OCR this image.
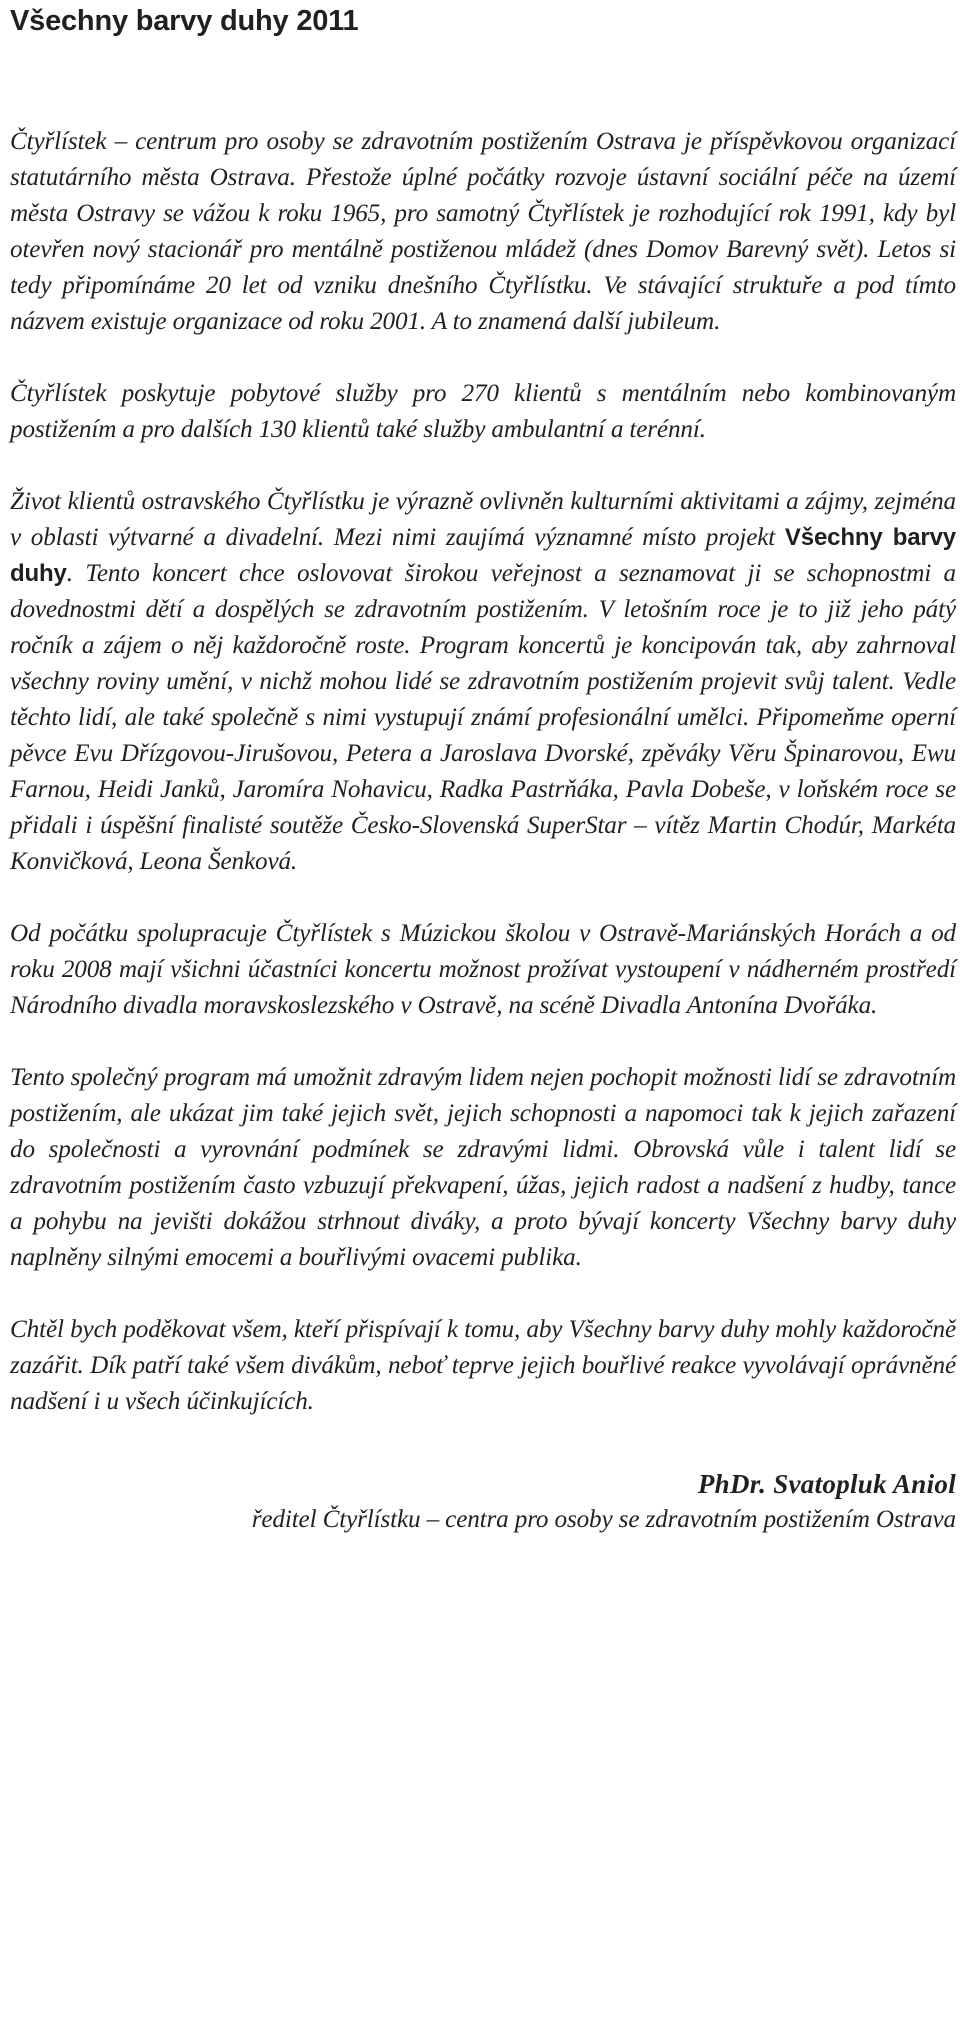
Všechny barvy duhy 2011

Čtyřlístek – centrum pro osoby se zdravotním postižením Ostrava je příspěvkovou organizací statutárního města Ostrava. Přestože úplné počátky rozvoje ústavní sociální péče na území města Ostravy se vážou k roku 1965, pro samotný Čtyřlístek je rozhodující rok 1991, kdy byl otevřen nový stacionář pro mentálně postiženou mládež (dnes Domov Barevný svět). Letos si tedy připomínáme 20 let od vzniku dnešního Čtyřlístku. Ve stávající struktuře a pod tímto názvem existuje organizace od roku 2001. A to znamená další jubileum.

Čtyřlístek poskytuje pobytové služby pro 270 klientů s mentálním nebo kombinovaným postižením a pro dalších 130 klientů také služby ambulantní a terénní.

Život klientů ostravského Čtyřlístku je výrazně ovlivněn kulturními aktivitami a zájmy, zejména v oblasti výtvarné a divadelní. Mezi nimi zaujímá významné místo projekt Všechny barvy duhy. Tento koncert chce oslovovat širokou veřejnost a seznamovat ji se schopnostmi a dovednostmi dětí a dospělých se zdravotním postižením. V letošním roce je to již jeho pátý ročník a zájem o něj každoročně roste. Program koncertů je koncipován tak, aby zahrnoval všechny roviny umění, v nichž mohou lidé se zdravotním postižením projevit svůj talent. Vedle těchto lidí, ale také společně s nimi vystupují známí profesionální umělci. Připomeňme operní pěvce Evu Dřízgovou-Jirušovou, Petera a Jaroslava Dvorské, zpěváky Věru Špinarovou, Ewu Farnou, Heidi Janků, Jaromíra Nohavicu, Radka Pastrňáka, Pavla Dobeše, v loňském roce se přidali i úspěšní finalisté soutěže Česko-Slovenská SuperStar – vítěz Martin Chodúr, Markéta Konvičková, Leona Šenková.

Od počátku spolupracuje Čtyřlístek s Múzickou školou v Ostravě-Mariánských Horách a od roku 2008 mají všichni účastníci koncertu možnost prožívat vystoupení v nádherném prostředí Národního divadla moravskoslezského v Ostravě, na scéně Divadla Antonína Dvořáka.

Tento společný program má umožnit zdravým lidem nejen pochopit možnosti lidí se zdravotním postižením, ale ukázat jim také jejich svět, jejich schopnosti a napomoci tak k jejich zařazení do společnosti a vyrovnání podmínek se zdravými lidmi. Obrovská vůle i talent lidí se zdravotním postižením často vzbuzují překvapení, úžas, jejich radost a nadšení z hudby, tance a pohybu na jevišti dokážou strhnout diváky, a proto bývají koncerty Všechny barvy duhy naplněny silnými emocemi a bouřlivými ovacemi publika.

Chtěl bych poděkovat všem, kteří přispívají k tomu, aby Všechny barvy duhy mohly každoročně zazářit. Dík patří také všem divákům, neboť teprve jejich bouřlivé reakce vyvolávají oprávněné nadšení i u všech účinkujících.

PhDr. Svatopluk Aniol

ředitel Čtyřlístku – centra pro osoby se zdravotním postižením Ostrava
